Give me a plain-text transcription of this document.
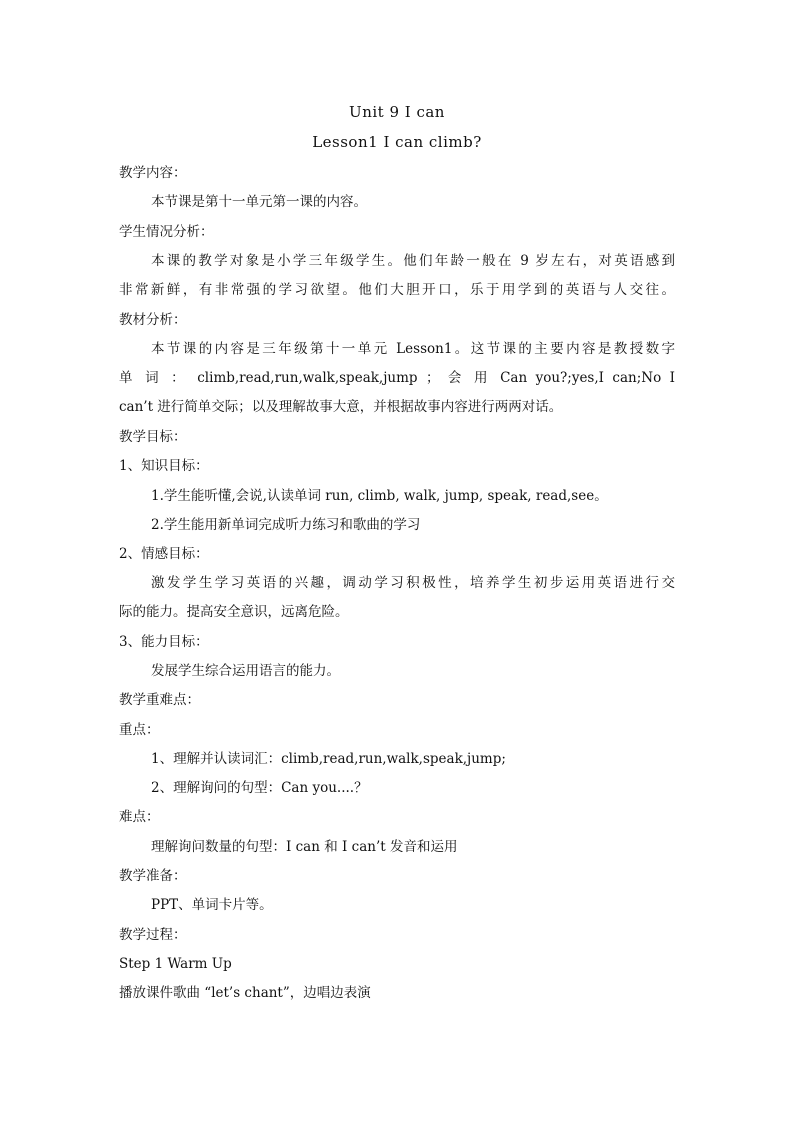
Unit 9 I can
Lesson1 I can climb?
教学内容：
本节课是第十一单元第一课的内容。
学生情况分析：
本课的教学对象是小学三年级学生。他们年龄一般在 9 岁左右，对英语感到
非常新鲜，有非常强的学习欲望。他们大胆开口，乐于用学到的英语与人交往。
教材分析：
本节课的内容是三年级第十一单元 Lesson1。这节课的主要内容是教授数字
单 词 ： climb,read,run,walk,speak,jump ； 会 用 Can you?;yes,I can;No I
can’t 进行简单交际；以及理解故事大意，并根据故事内容进行两两对话。
教学目标：
1、知识目标：
1.学生能听懂,会说,认读单词 run, climb, walk, jump, speak, read,see。
2.学生能用新单词完成听力练习和歌曲的学习
2、情感目标：
激发学生学习英语的兴趣，调动学习积极性，培养学生初步运用英语进行交
际的能力。提高安全意识，远离危险。
3、能力目标：
发展学生综合运用语言的能力。
教学重难点：
重点：
1、理解并认读词汇：climb,read,run,walk,speak,jump;
2、理解询问的句型：Can you....？
难点：
理解询问数量的句型：I can 和 I can’t 发音和运用
教学准备：
PPT、单词卡片等。
教学过程：
Step 1 Warm Up
播放课件歌曲 “let’s chant”，边唱边表演
